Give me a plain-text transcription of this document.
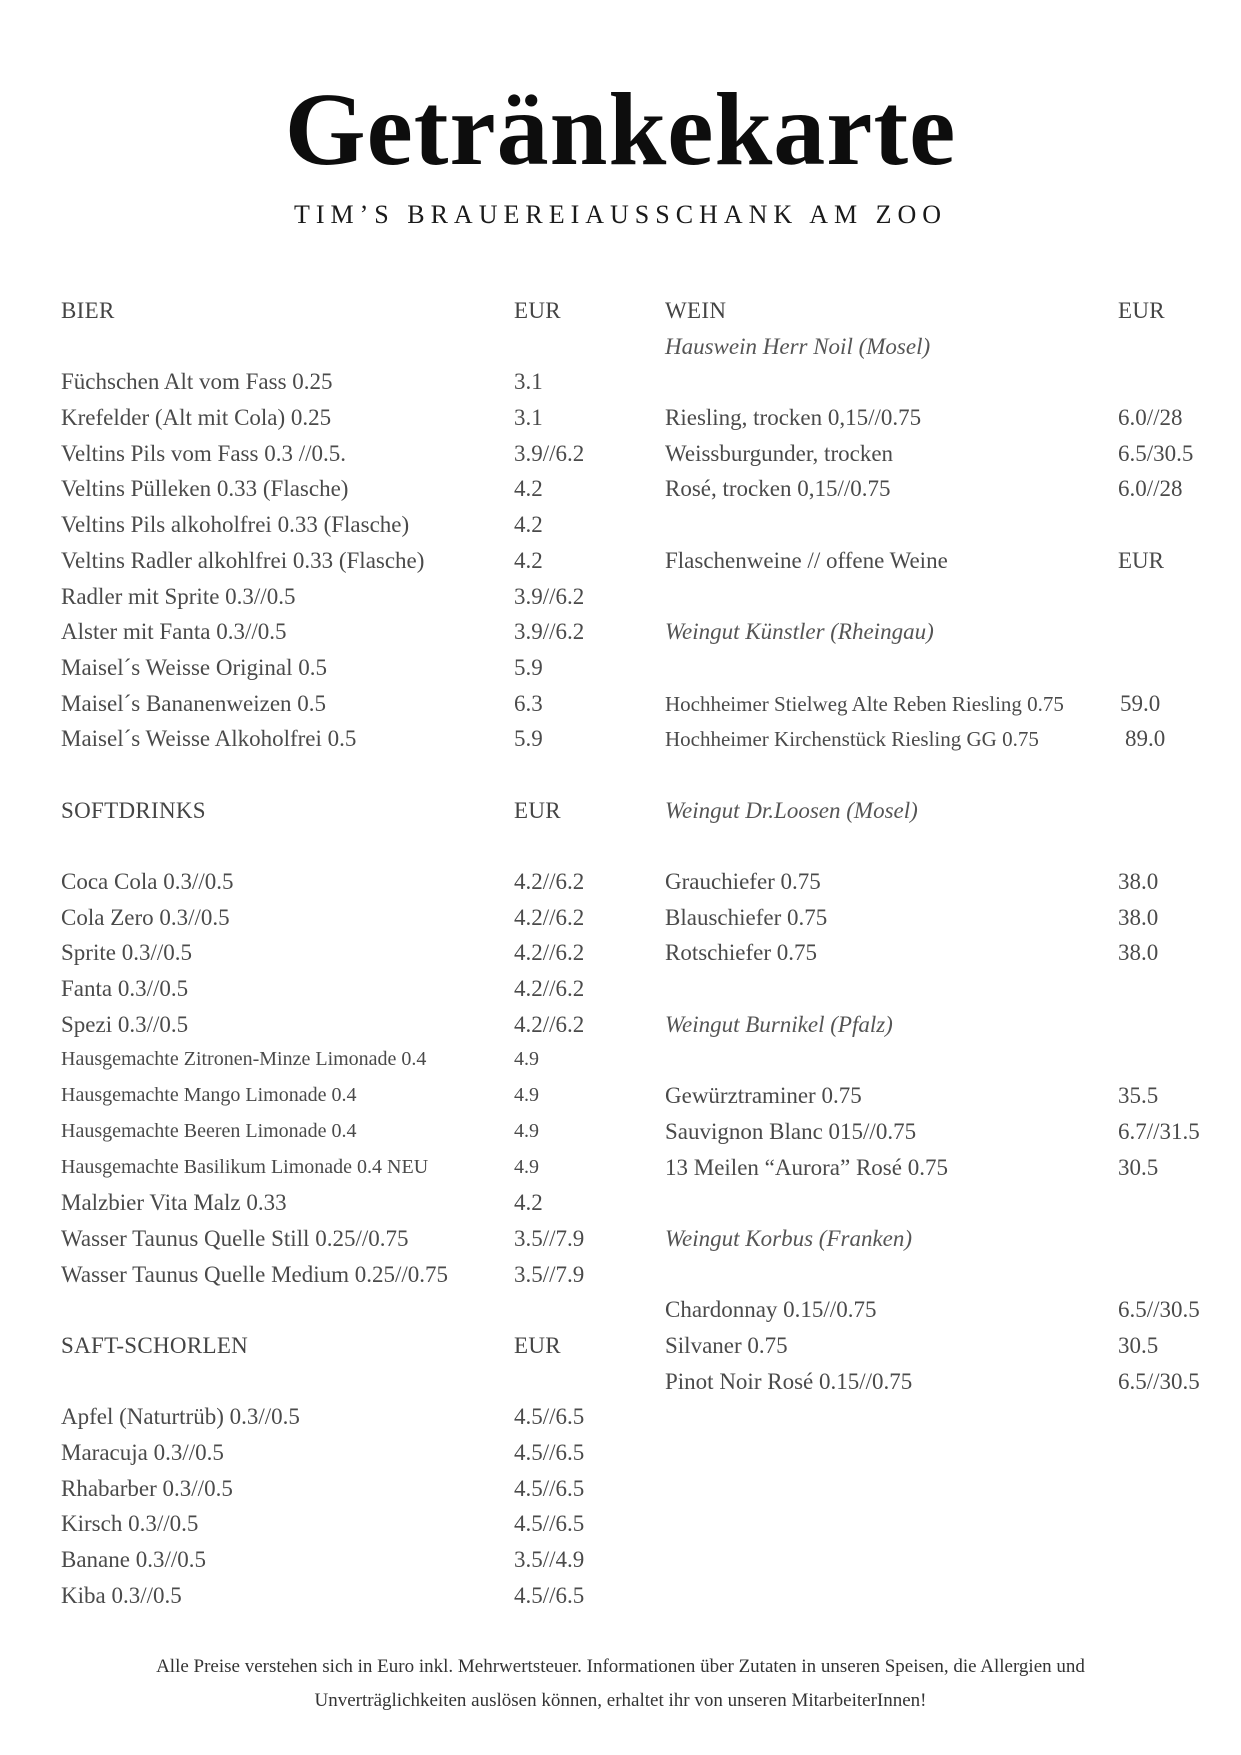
Getränkekarte
TIM’S BRAUEREIAUSSCHANK AM ZOO
BIER	EUR
Füchschen Alt vom Fass 0.25	3.1
Krefelder (Alt mit Cola) 0.25	3.1
Veltins Pils vom Fass 0.3 //0.5.	3.9//6.2
Veltins Pülleken 0.33 (Flasche)	4.2
Veltins Pils alkoholfrei 0.33 (Flasche)	4.2
Veltins Radler alkohlfrei 0.33 (Flasche)	4.2
Radler mit Sprite 0.3//0.5	3.9//6.2
Alster mit Fanta 0.3//0.5	3.9//6.2
Maisel´s Weisse Original 0.5	5.9
Maisel´s Bananenweizen 0.5	6.3
Maisel´s Weisse Alkoholfrei 0.5	5.9
SOFTDRINKS	EUR
Coca Cola 0.3//0.5	4.2//6.2
Cola Zero 0.3//0.5	4.2//6.2
Sprite 0.3//0.5	4.2//6.2
Fanta 0.3//0.5	4.2//6.2
Spezi 0.3//0.5	4.2//6.2
Hausgemachte Zitronen-Minze Limonade 0.4	4.9
Hausgemachte Mango Limonade 0.4	4.9
Hausgemachte Beeren Limonade 0.4	4.9
Hausgemachte Basilikum Limonade 0.4 NEU	4.9
Malzbier Vita Malz 0.33	4.2
Wasser Taunus Quelle Still 0.25//0.75	3.5//7.9
Wasser Taunus Quelle Medium 0.25//0.75	3.5//7.9
SAFT-SCHORLEN	EUR
Apfel (Naturtrüb) 0.3//0.5	4.5//6.5
Maracuja 0.3//0.5	4.5//6.5
Rhabarber 0.3//0.5	4.5//6.5
Kirsch 0.3//0.5	4.5//6.5
Banane 0.3//0.5	3.5//4.9
Kiba 0.3//0.5	4.5//6.5
WEIN	EUR
Hauswein Herr Noil (Mosel)
Riesling, trocken 0,15//0.75	6.0//28
Weissburgunder, trocken	6.5/30.5
Rosé, trocken 0,15//0.75	6.0//28
Flaschenweine // offene Weine	EUR
Weingut Künstler (Rheingau)
Hochheimer Stielweg Alte Reben Riesling 0.75 59.0
Hochheimer Kirchenstück Riesling GG 0.75	89.0
Weingut Dr.Loosen (Mosel)
Grauchiefer 0.75	38.0
Blauschiefer 0.75	38.0
Rotschiefer 0.75	38.0
Weingut Burnikel (Pfalz)
Gewürztraminer 0.75	35.5
Sauvignon Blanc 015//0.75	6.7//31.5
13 Meilen “Aurora” Rosé 0.75	30.5
Weingut Korbus (Franken)
Chardonnay 0.15//0.75	6.5//30.5
Silvaner 0.75	30.5
Pinot Noir Rosé 0.15//0.75	6.5//30.5
Alle Preise verstehen sich in Euro inkl. Mehrwertsteuer. Informationen über Zutaten in unseren Speisen, die Allergien und
Unverträglichkeiten auslösen können, erhaltet ihr von unseren MitarbeiterInnen!
